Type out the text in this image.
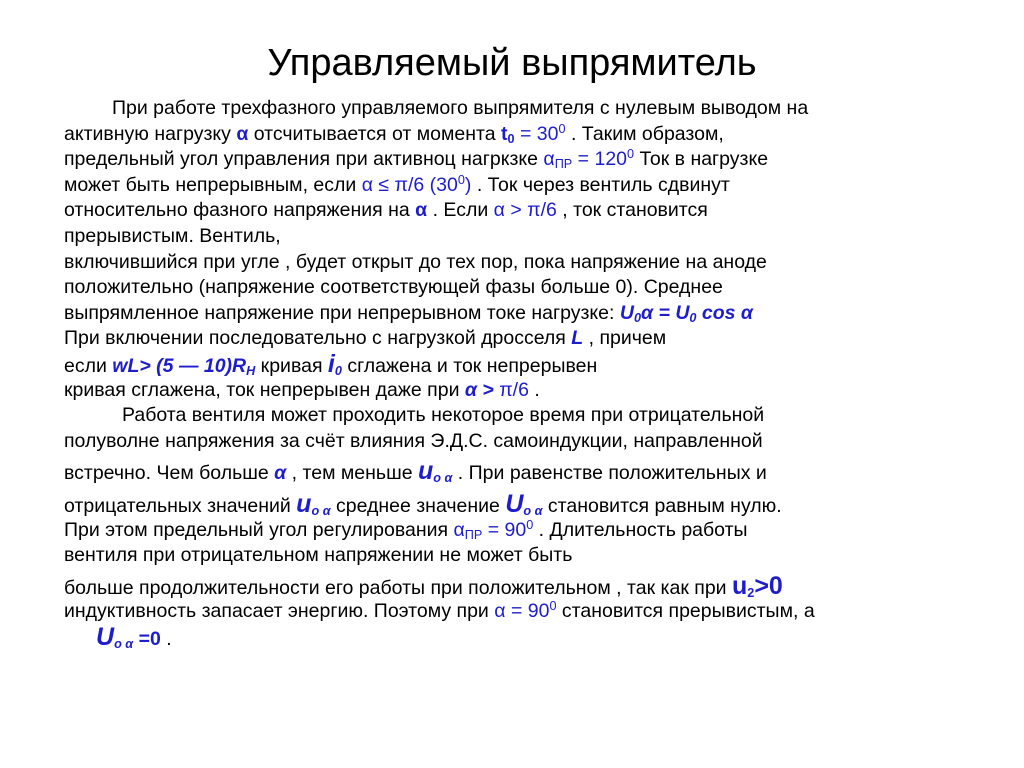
Управляемый выпрямитель
При работе трехфазного управляемого выпрямителя с нулевым выводом на
активную нагрузку α отсчитывается от момента $t_0 = 30^0$ . Таким образом,
предельный угол управления при активноц нагркзке $\alpha_{ПР} = 120^0$ Ток в нагрузке
может быть непрерывным, если α ≤ π/6 $(30^0)$ . Ток через вентиль сдвинут
относительно фазного напряжения на α . Если α > π/6 , ток становится
прерывистым. Вентиль,
включившийся при угле , будет открыт до тех пор, пока напряжение на аноде
положительно (напряжение соответствующей фазы больше 0). Среднее
выпрямленное напряжение при непрерывном токе нагрузке: $U_0\alpha = U_0$ cos α
При включении последовательно с нагрузкой дросселя L , причем
если wL> (5 — $10)R_H$ кривая $i_0$ сглажена и ток непрерывен
кривая сглажена, ток непрерывен даже при α > π/6 .
Работа вентиля может проходить некоторое время при отрицательной
полуволне напряжения за счёт влияния Э.Д.С. самоиндукции, направленной
встречно. Чем больше α , тем меньше $u_{o \alpha}$ . При равенстве положительных и
отрицательных значений $u_{o \alpha}$ среднее значение $U_{o \alpha}$ становится равным нулю.
При этом предельный угол регулирования $\alpha_{ПР} = 90^0$ . Длительность работы
вентиля при отрицательном напряжении не может быть
больше продолжительности его работы при положительном , так как при $u_2>0$
индуктивность запасает энергию. Поэтому при $\alpha = 90^0$ становится прерывистым, а
$U_{o \alpha} =0$ .
